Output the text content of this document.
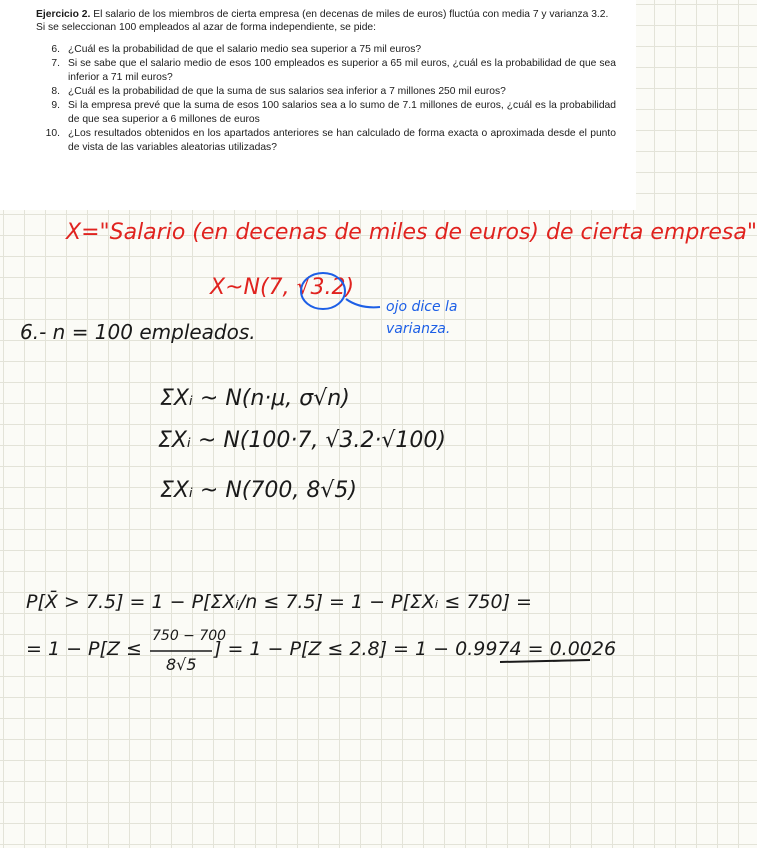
Ejercicio 2. El salario de los miembros de cierta empresa (en decenas de miles de euros) fluctúa con media 7 y varianza 3.2. Si se seleccionan 100 empleados al azar de forma independiente, se pide:

6. ¿Cuál es la probabilidad de que el salario medio sea superior a 75 mil euros?
7. Si se sabe que el salario medio de esos 100 empleados es superior a 65 mil euros, ¿cuál es la probabilidad de que sea inferior a 71 mil euros?
8. ¿Cuál es la probabilidad de que la suma de sus salarios sea inferior a 7 millones 250 mil euros?
9. Si la empresa prevé que la suma de esos 100 salarios sea a lo sumo de 7.1 millones de euros, ¿cuál es la probabilidad de que sea superior a 6 millones de euros
10. ¿Los resultados obtenidos en los apartados anteriores se han calculado de forma exacta o aproximada desde el punto de vista de las variables aleatorias utilizadas?
X="Salario (en decenas de miles de euros) de cierta empresa"
X~N(7, √3.2)
ojo dice la varianza.
6.- n = 100 empleados.
ΣXᵢ ~ N(n·μ, σ√n)
ΣXᵢ ~ N(100·7, √3.2·√100)
ΣXᵢ ~ N(700, 8√5)
P[X̄ > 7.5] = 1 − P[ΣXᵢ/n ≤ 7.5] = 1 − P[ΣXᵢ ≤ 750] =
= 1 − P[Z ≤
750 − 700
8√5
] = 1 − P[Z ≤ 2.8] = 1 − 0.9974 = 0.0026
